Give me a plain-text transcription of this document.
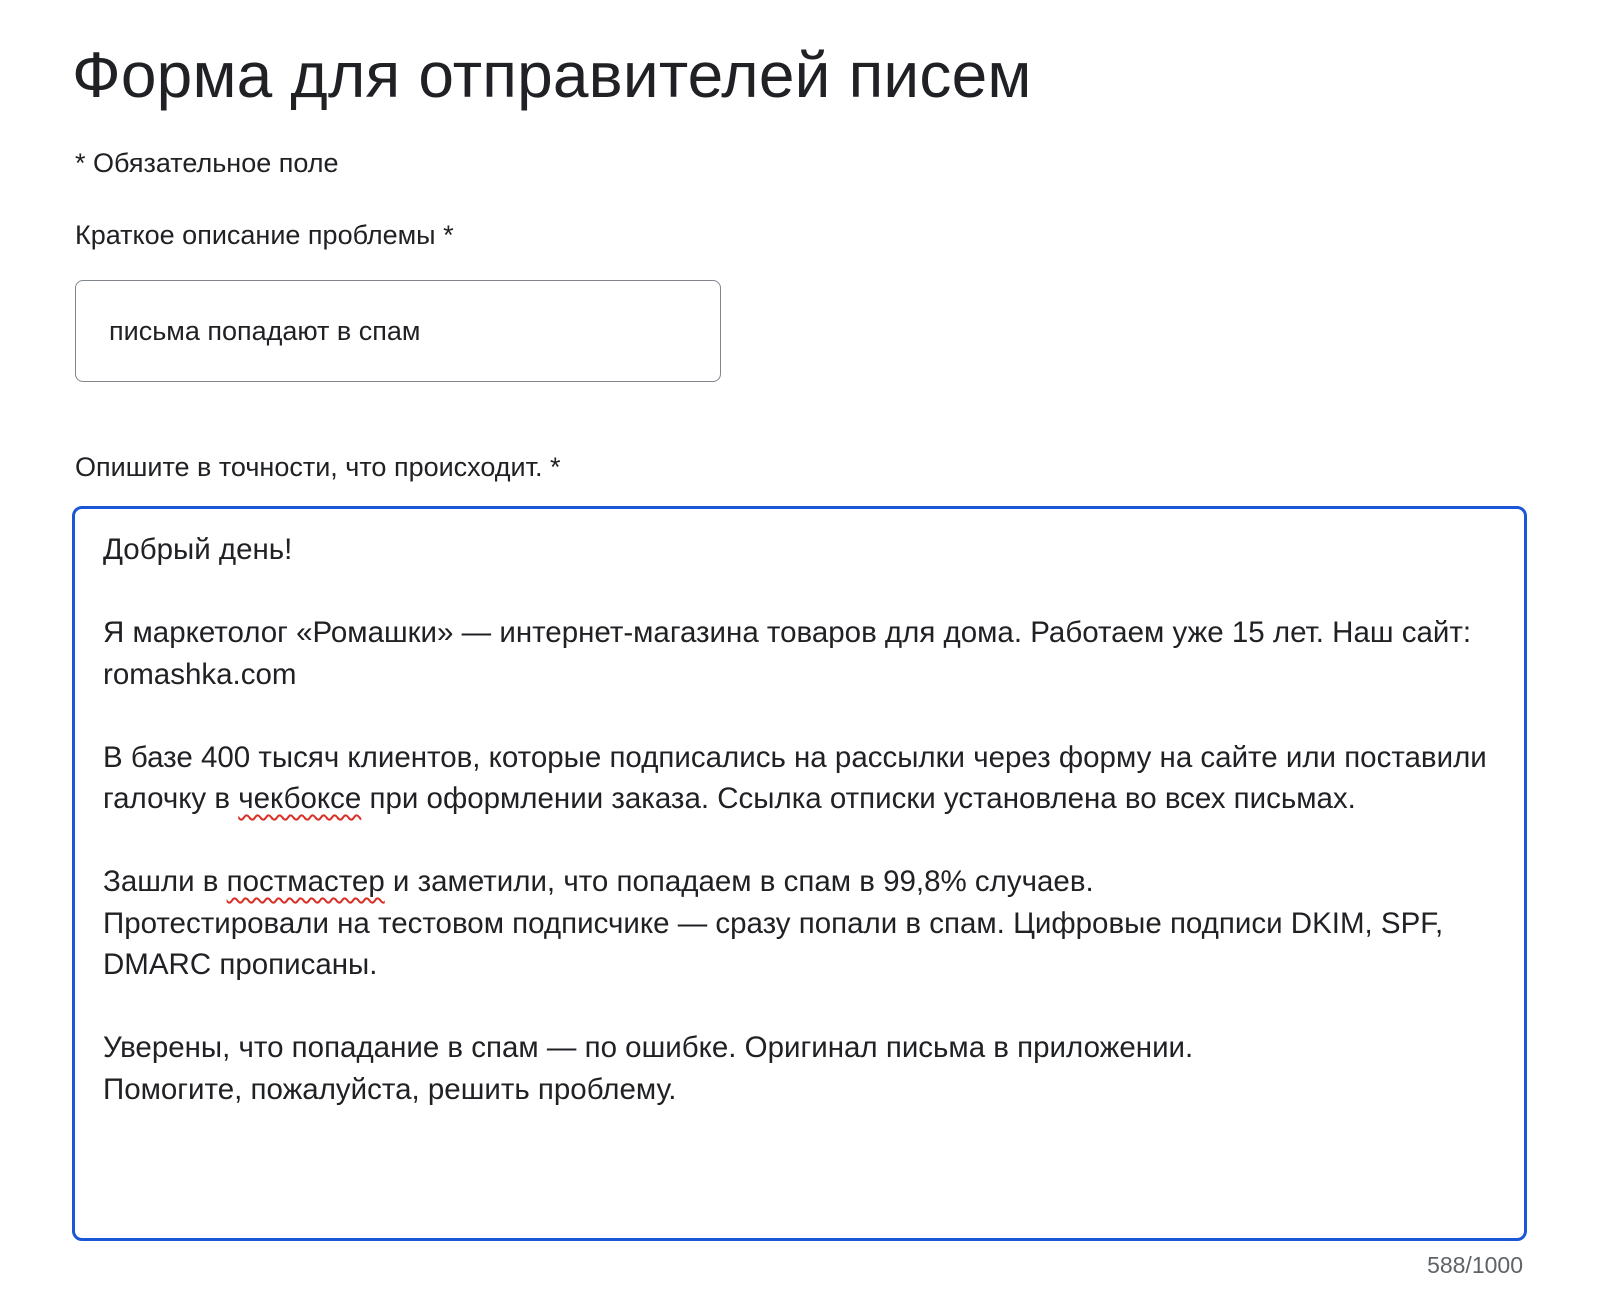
Форма для отправителей писем
* Обязательное поле
Краткое описание проблемы *
письма попадают в спам
Опишите в точности, что происходит. *

Добрый день!

Я маркетолог «Ромашки» — интернет-магазина товаров для дома. Работаем уже 15 лет. Наш сайт: romashka.com

В базе 400 тысяч клиентов, которые подписались на рассылки через форму на сайте или поставили галочку в чекбоксе при оформлении заказа. Ссылка отписки установлена во всех письмах.

Зашли в постмастер и заметили, что попадаем в спам в 99,8% случаев.
Протестировали на тестовом подписчике — сразу попали в спам. Цифровые подписи DKIM, SPF, DMARC прописаны.

Уверены, что попадание в спам — по ошибке. Оригинал письма в приложении.
Помогите, пожалуйста, решить проблему.

588/1000
